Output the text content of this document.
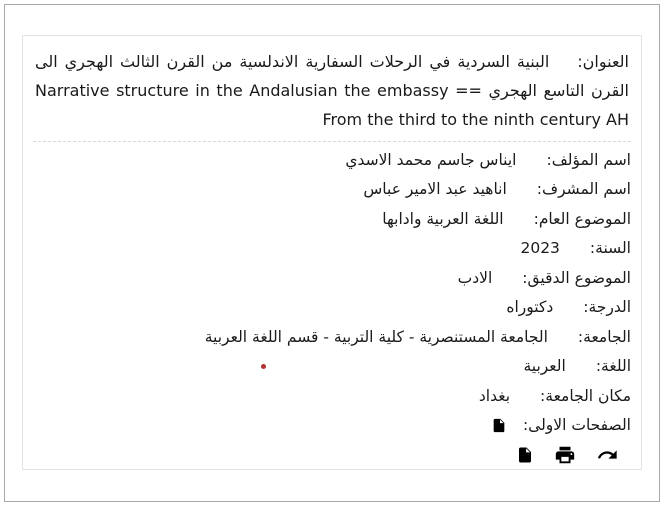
العنوان:البنية السردية في الرحلات السفارية الاندلسية من القرن الثالث الهجري الى القرن التاسع الهجري == Narrative structure in the Andalusian the embassy From the third to the ninth century AH
اسم المؤلف:
ايناس جاسم محمد الاسدي
اسم المشرف:
اناهيد عبد الامير عباس
الموضوع العام:
اللغة العربية وادابها
السنة:
2023
الموضوع الدقيق:
الادب
الدرجة:
دكتوراه
الجامعة:
الجامعة المستنصرية - كلية التربية - قسم اللغة العربية
اللغة:
العربية
مكان الجامعة:
بغداد
الصفحات الاولى:
